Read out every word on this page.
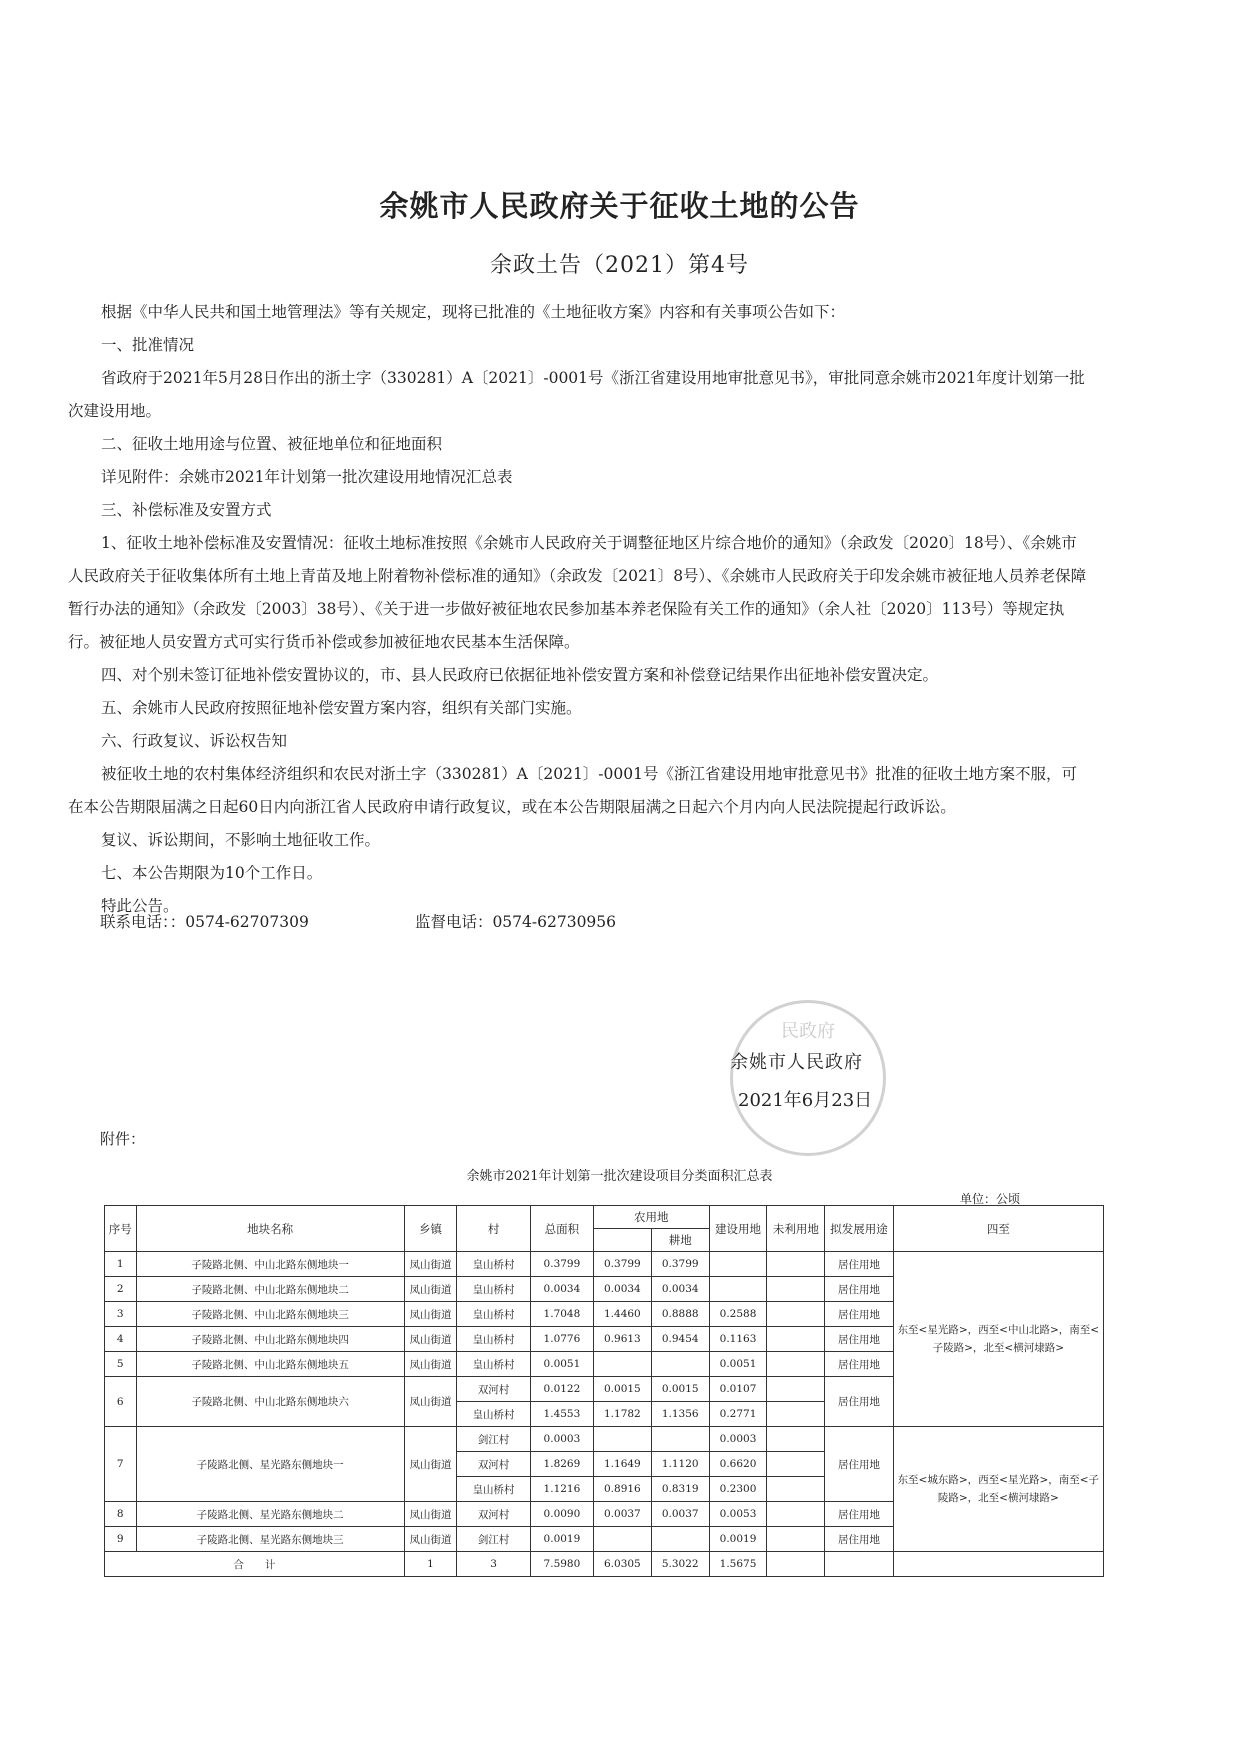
余姚市人民政府关于征收土地的公告
余政土告（2021）第4号

根据《中华人民共和国土地管理法》等有关规定，现将已批准的《土地征收方案》内容和有关事项公告如下：

一、批准情况

省政府于2021年5月28日作出的浙土字（330281）A〔2021〕-0001号《浙江省建设用地审批意见书》，审批同意余姚市2021年度计划第一批次建设用地。

二、征收土地用途与位置、被征地单位和征地面积

详见附件：余姚市2021年计划第一批次建设用地情况汇总表

三、补偿标准及安置方式

1、征收土地补偿标准及安置情况：征收土地标准按照《余姚市人民政府关于调整征地区片综合地价的通知》（余政发〔2020〕18号）、《余姚市人民政府关于征收集体所有土地上青苗及地上附着物补偿标准的通知》（余政发〔2021〕8号）、《余姚市人民政府关于印发余姚市被征地人员养老保障暂行办法的通知》（余政发〔2003〕38号）、《关于进一步做好被征地农民参加基本养老保险有关工作的通知》（余人社〔2020〕113号）等规定执行。被征地人员安置方式可实行货币补偿或参加被征地农民基本生活保障。

四、对个别未签订征地补偿安置协议的，市、县人民政府已依据征地补偿安置方案和补偿登记结果作出征地补偿安置决定。

五、余姚市人民政府按照征地补偿安置方案内容，组织有关部门实施。

六、行政复议、诉讼权告知

被征收土地的农村集体经济组织和农民对浙土字（330281）A〔2021〕-0001号《浙江省建设用地审批意见书》批准的征收土地方案不服，可在本公告期限届满之日起60日内向浙江省人民政府申请行政复议，或在本公告期限届满之日起六个月内向人民法院提起行政诉讼。

复议、诉讼期间，不影响土地征收工作。

七、本公告期限为10个工作日。

特此公告。

联系电话：：0574-62707309	监督电话：0574-62730956
民政府
余姚市人民政府
2021年6月23日
附件：
余姚市2021年计划第一批次建设项目分类面积汇总表
单位：公顷
序号	地块名称	乡镇	村	总面积	农用地		建设用地	未利用地	拟发展用途	四至
						耕地				
1	子陵路北侧、中山北路东侧地块一	凤山街道	皇山桥村	0.3799	0.3799	0.3799			居住用地	东至<星光路>，西至<中山北路>，南至<子陵路>，北至<横河埭路>
2	子陵路北侧、中山北路东侧地块二	凤山街道	皇山桥村	0.0034	0.0034	0.0034			居住用地	
3	子陵路北侧、中山北路东侧地块三	凤山街道	皇山桥村	1.7048	1.4460	0.8888	0.2588		居住用地	
4	子陵路北侧、中山北路东侧地块四	凤山街道	皇山桥村	1.0776	0.9613	0.9454	0.1163		居住用地	
5	子陵路北侧、中山北路东侧地块五	凤山街道	皇山桥村	0.0051			0.0051		居住用地	
6	子陵路北侧、中山北路东侧地块六	凤山街道	双河村	0.0122	0.0015	0.0015	0.0107		居住用地	
			皇山桥村	1.4553	1.1782	1.1356	0.2771			
7	子陵路北侧、星光路东侧地块一	凤山街道	剑江村	0.0003			0.0003		居住用地	东至<城东路>，西至<星光路>，南至<子陵路>，北至<横河埭路>
			双河村	1.8269	1.1649	1.1120	0.6620			
			皇山桥村	1.1216	0.8916	0.8319	0.2300			
8	子陵路北侧、星光路东侧地块二	凤山街道	双河村	0.0090	0.0037	0.0037	0.0053		居住用地	
9	子陵路北侧、星光路东侧地块三	凤山街道	剑江村	0.0019			0.0019		居住用地	
合　　计		1	3	7.5980	6.0305	5.3022	1.5675			
